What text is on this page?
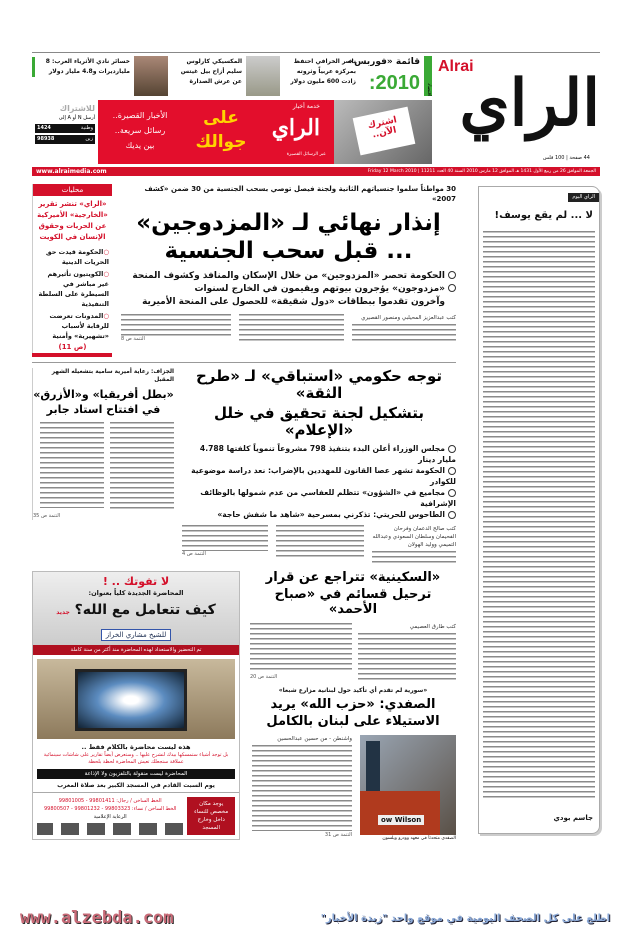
Alrai
الراي
44 صفحة | 100 فلس
اقتصاد
قائمة «فوربس»
2010:
ناصر الخرافي احتفظ بمركزه عربياً وثروته زادت 600 مليون دولار
المكسيكي كارلوس سليم أزاح بيل غيتس عن عرش الصدارة
خسائر نادي الأثرياء العرب: 8 مليارديرات و4.8 مليار دولار
اشترك الآن..
خدمة أخبار
الراي
عبر الرسائل القصيرة
على جوالك
الأخبار القصيرة..
رسائل سريعة..
بين يديك
للاشتراك
أرسل N أو A إلى
وطنية
1424
زين
98938
الجمعة الموافق 26 من ربيع الأول 1431 هـ الموافق 12 مارس 2010 السنة 40 العدد 11211 | Friday 12 March 2010
www.alraimedia.com
30 مواطناً سلموا جنسياتهم الثانية ولجنة فيصل توصي بسحب الجنسية من 30 ضمن «كشف 2007»
إنذار نهائي لـ «المزدوجين»
... قبل سحب الجنسية
الحكومة تحصر «المزدوجين» من خلال الإسكان والمنافذ وكشوف المنحة
«مزدوجون» يؤجرون بيوتهم ويقيمون في الخارج لسنوات
وآخرون تقدموا ببطاقات «دول شقيقة» للحصول على المنحة الأميرية
كتب عبدالعزيز المحيلبي ومنصور القصيري
التتمة ص 8
محليات
«الراي» تنشر تقرير «الخارجية» الأميركية عن الحريات وحقوق الإنسان في الكويت
○الحكومة قيدت حق الحريات الدينية
○الكويتيون تأثيرهم غير مباشر في السيطرة على السلطة التنفيذية
○المدونات تعرضت للرقابة لأسباب «تشهيرية» وأمنية
(ص 11)
توجه حكومي «استباقي» لـ «طرح الثقة»
بتشكيل لجنة تحقيق في خلل «الإعلام»
مجلس الوزراء أعلن البدء بتنفيذ 798 مشروعاً تنموياً كلفتها 4.788 مليار دينار
الحكومة تشهر عصا القانون للمهددين بالإضراب: نعد دراسة موضوعية للكوادر
مجاميع في «الشؤون» تتظلم للعفاسي من عدم شمولها بالوظائف الإشرافية
الطاحوس للحريتي: تذكرني بمسرحية «شاهد ما شفش حاجة»
كتب صالح الدعمان وفرحان الفحيمان وسلطان السعودي وعبدالله التميمي ووليد الهولان
التتمة ص 4
الجزاف: رعاية أميرية سامية بتشغيله الشهر المقبل
«بطل أفريقيا» و«الأزرق»
في افتتاح استاد جابر
التتمة ص 35
«السكينية» تتراجع عن قرار
ترحيل قسائم في «صباح الأحمد»
كتب طارق العصيمي
التتمة ص 20
«سورية لم تقدم أي تأكيد حول لبنانية مزارع شبعا»
الصفدي: «حزب الله» يريد
الاستيلاء على لبنان بالكامل
ow Wilson
الصفدي متحدثاً في معهد وودرو ويلسون
واشنطن - من حسين عبدالحسين
التتمة ص 31
لا تفوتك .. !
المحاضرة الجديدة كلياً بعنوان:
كيف تتعامل مع الله؟ جديد
للشيخ مشاري الخراز
تم التحضير والاستعداد لهذه المحاضرة منذ أكثر من سنة كاملة
هذه ليست محاضرة بالكلام فقط ..
بل توجد أشياء ستمسكها بيدك لنشرح عليها .. وستعرض أيضاً تقارير على شاشات سينمائية عملاقة ستجعلك تعيش المحاضرة لحظة بلحظة
المحاضرة ليست منقولة بالتلفزيون ولا الإذاعة
يوم السبت القادم في المسجد الكبير بعد صلاة المغرب
يوجد مكان مخصص للنساء داخل وخارج المسجد
الخط الساخن / رجال: 99801411 - 99801005
الخط الساخن / نساء: 99803323 - 99801232 - 99800507
الرعاية الإعلامية
الراي اليوم
لا ... لم يقع يوسف!
جاسم بودي
www.alzebda.com	اطلع على كل الصحف اليومية في موقع واحد "زبدة الأخبار"
